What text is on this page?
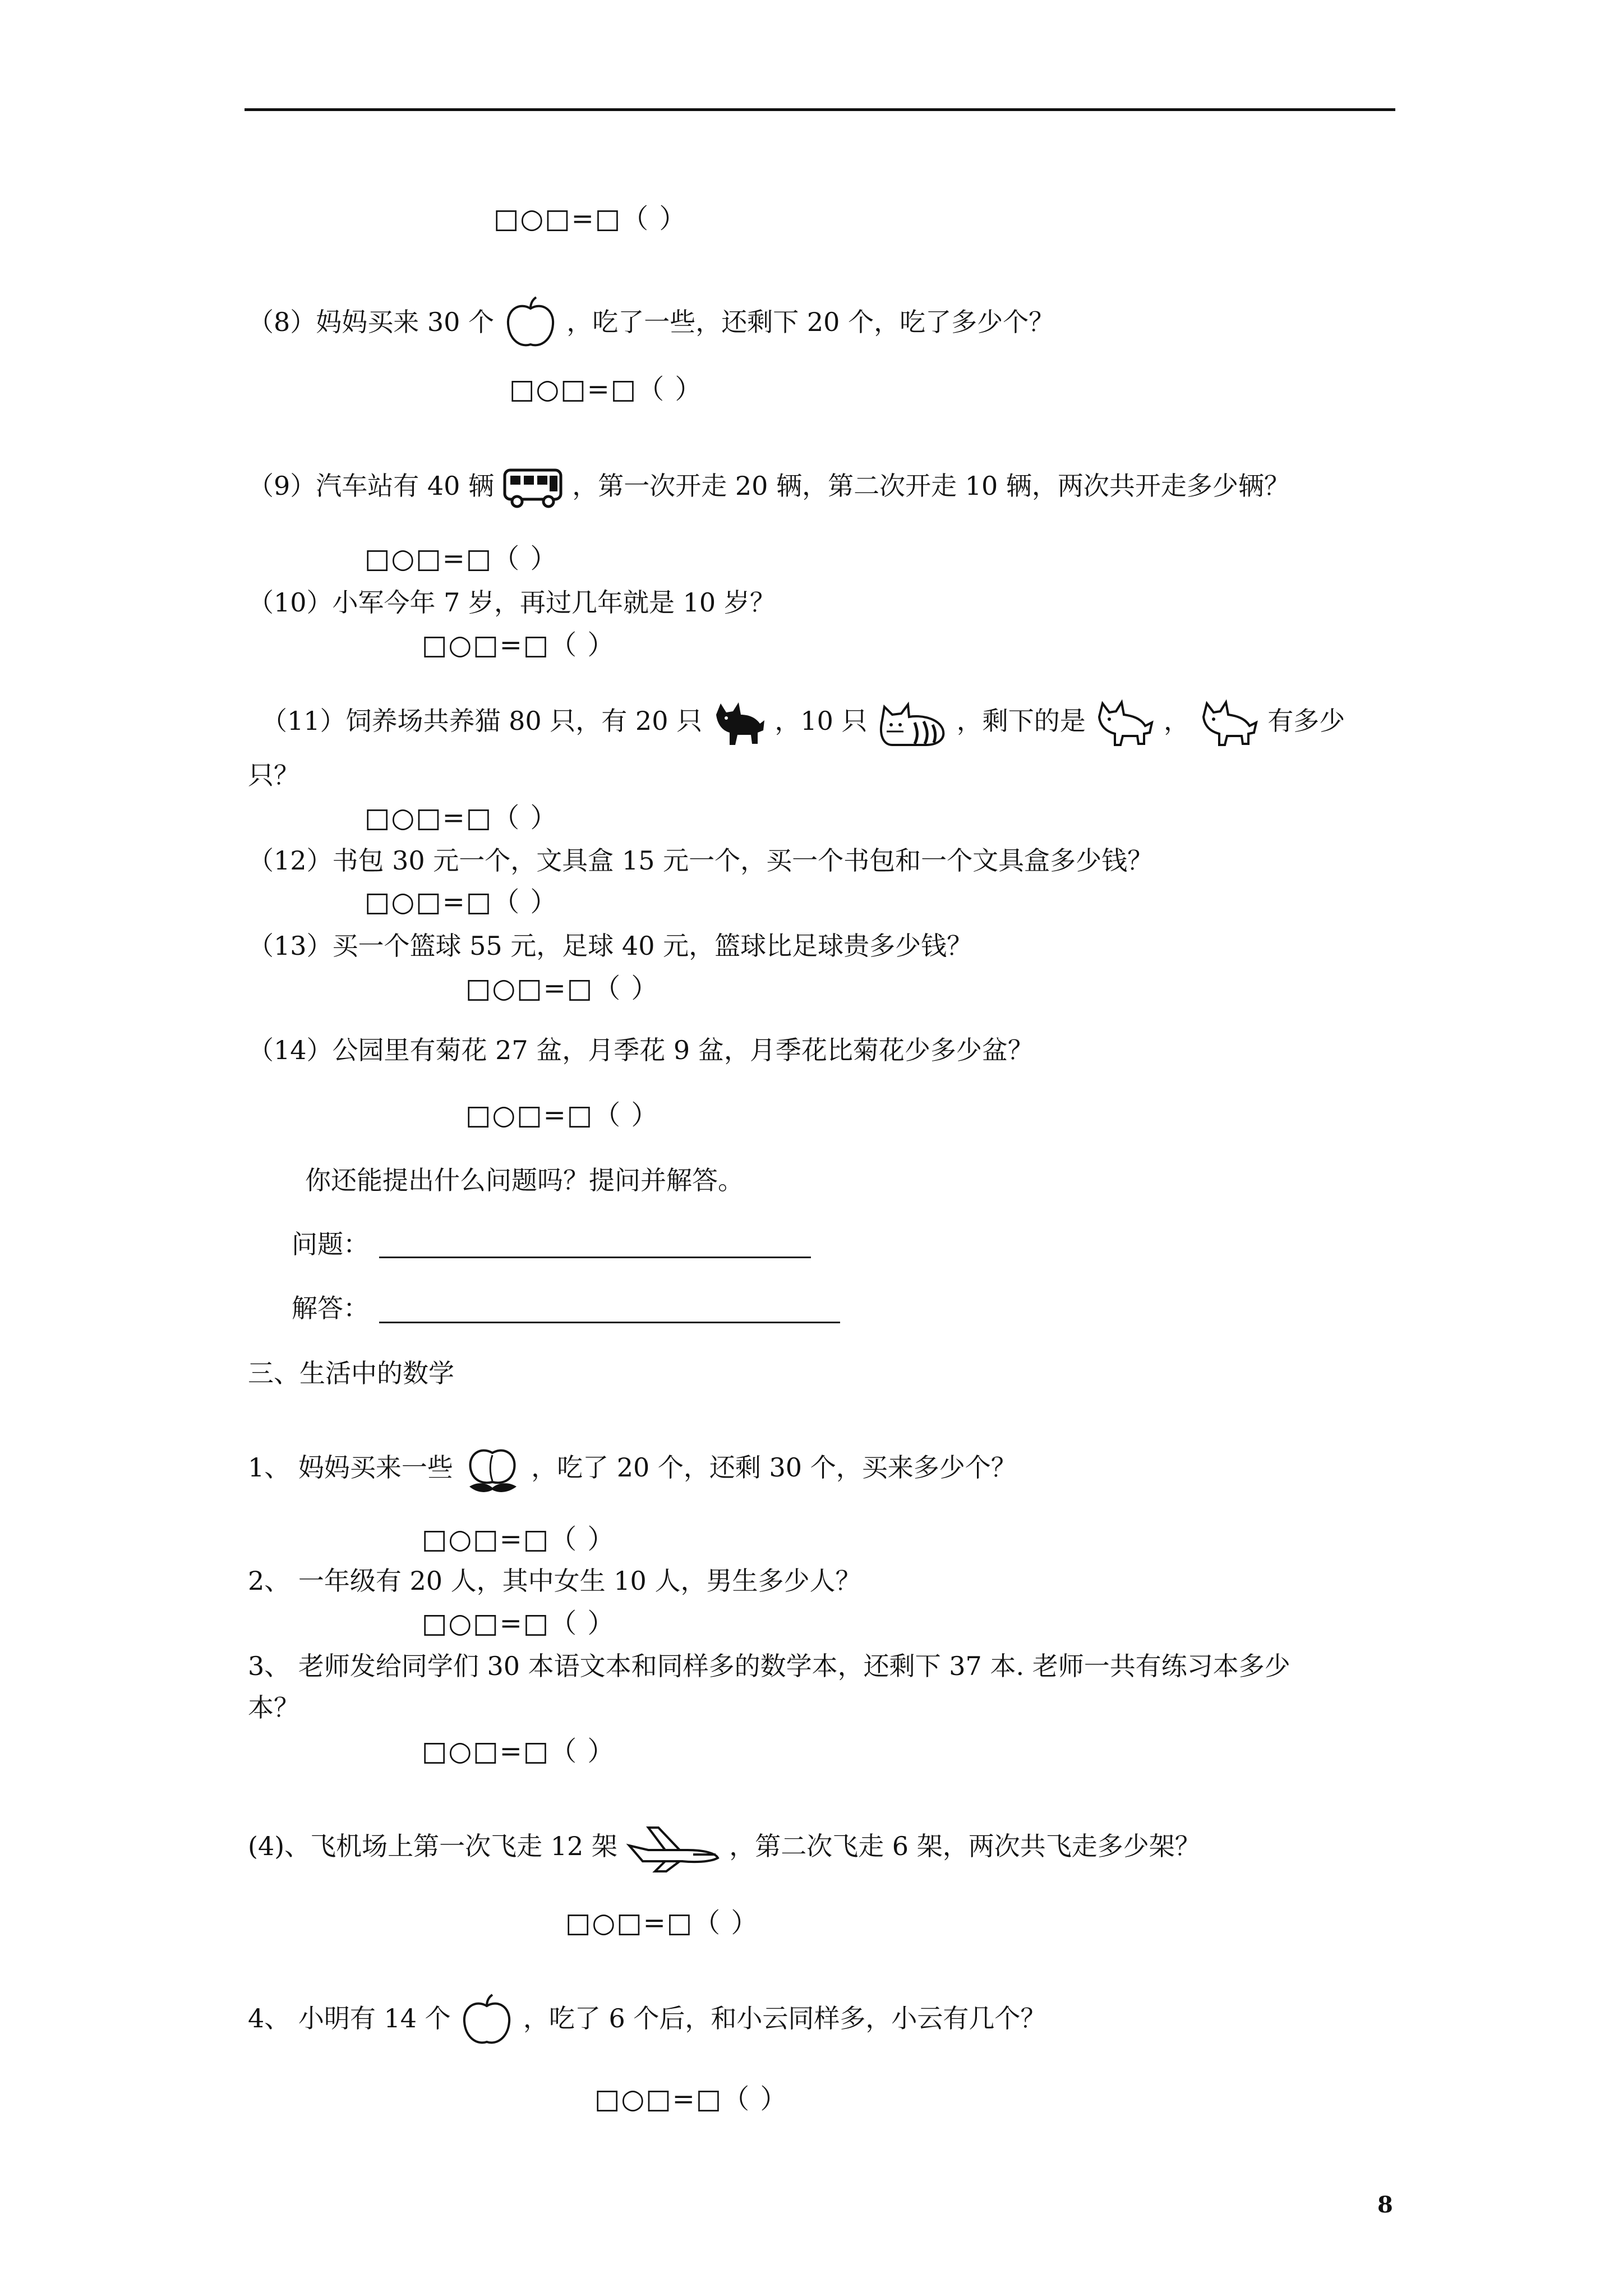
□○□=□（ ）
（8）妈妈买来 30 个	，吃了一些，还剩下 20 个，吃了多少个？
□○□=□（ ）
（9）汽车站有 40 辆	，第一次开走 20 辆，第二次开走 10 辆，两次共开走多少辆？
□○□=□（ ）
（10）小军今年 7 岁，再过几年就是 10 岁？
□○□=□（ ）
（11）饲养场共养猫 80 只，有 20 只	，10 只	，剩下的是	，	有多少
只？
□○□=□（ ）
（12）书包 30 元一个，文具盒 15 元一个，买一个书包和一个文具盒多少钱？
□○□=□（ ）
（13）买一个篮球 55 元，足球 40 元，篮球比足球贵多少钱？
□○□=□（ ）
（14）公园里有菊花 27 盆，月季花 9 盆，月季花比菊花少多少盆？
□○□=□（ ）
你还能提出什么问题吗？提问并解答。
问题：
解答：
三、生活中的数学
1、 妈妈买来一些	，吃了 20 个，还剩 30 个，买来多少个？
□○□=□（ ）
2、 一年级有 20 人，其中女生 10 人，男生多少人？
□○□=□（ ）
3、 老师发给同学们 30 本语文本和同样多的数学本，还剩下 37 本. 老师一共有练习本多少
本？
□○□=□（ ）
(4)、飞机场上第一次飞走 12 架	，第二次飞走 6 架，两次共飞走多少架？
□○□=□（ ）
4、 小明有 14 个	，吃了 6 个后，和小云同样多，小云有几个？
□○□=□（ ）
8
